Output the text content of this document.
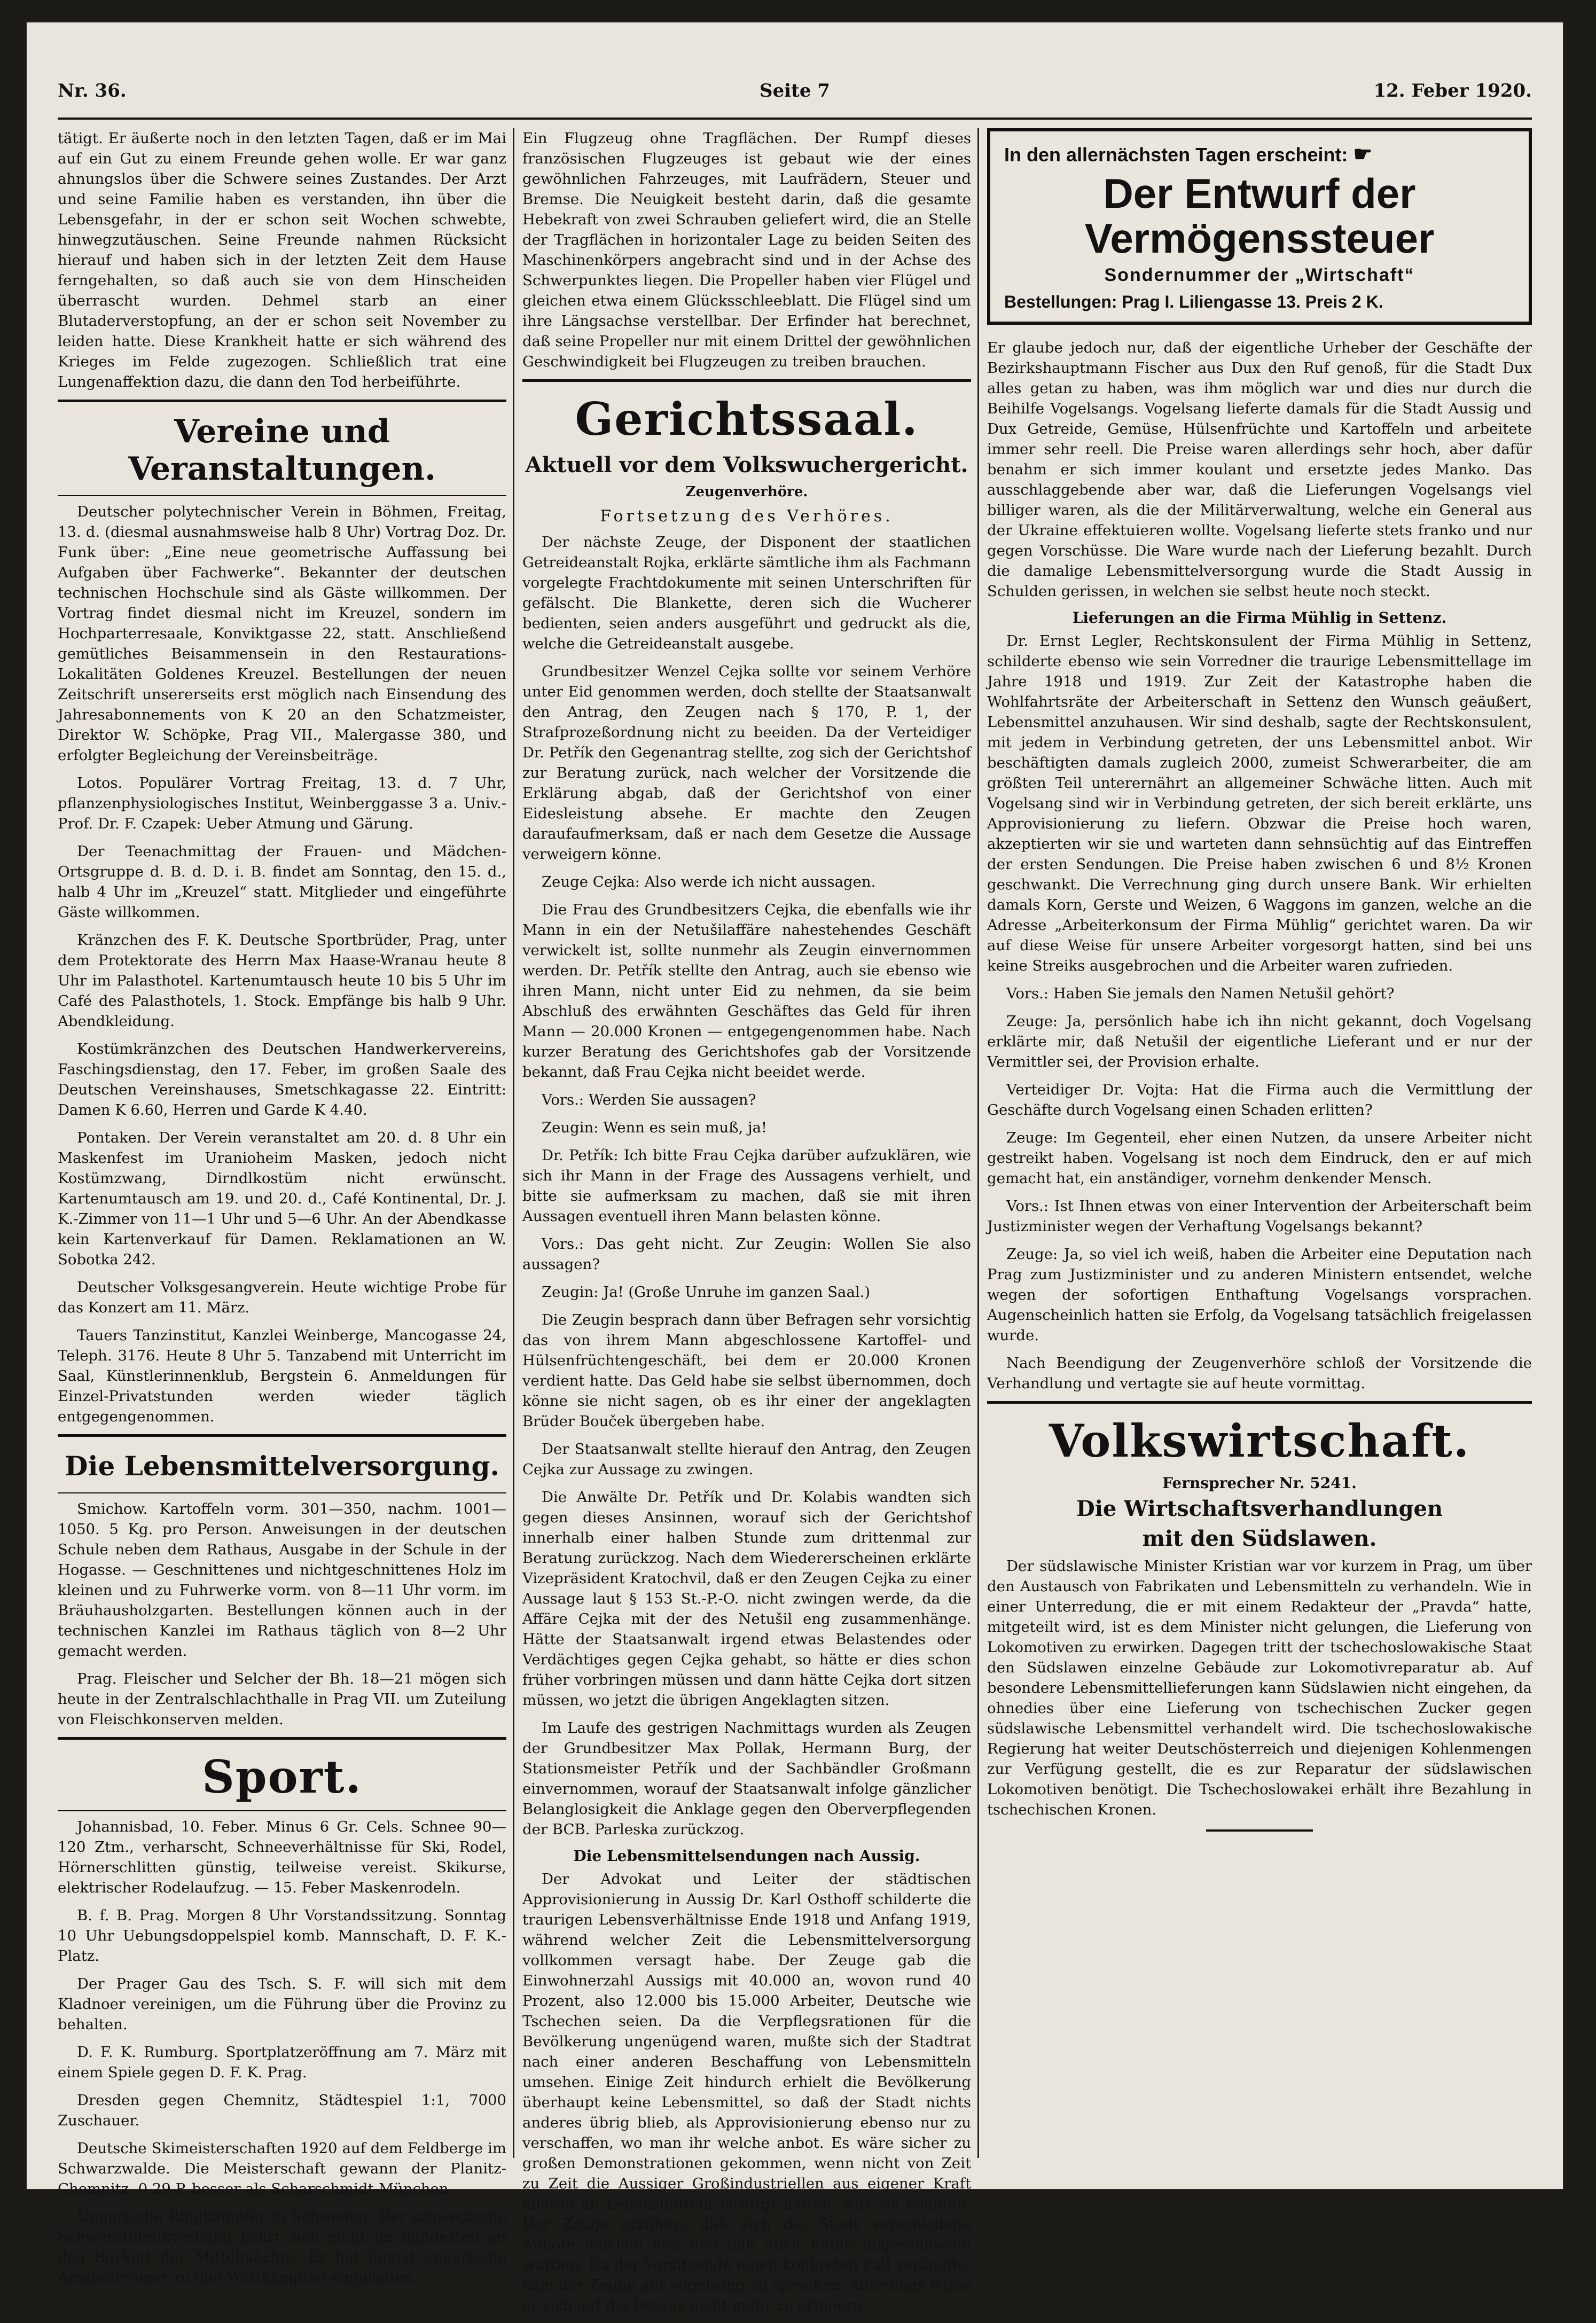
Nr. 36.	Seite 7	12. Feber 1920.

tätigt. Er äußerte noch in den letzten Tagen, daß er im Mai auf ein Gut zu einem Freunde gehen wolle. Er war ganz ahnungslos über die Schwere seines Zustandes. Der Arzt und seine Familie haben es verstanden, ihn über die Lebensgefahr, in der er schon seit Wochen schwebte, hinwegzutäuschen. Seine Freunde nahmen Rücksicht hierauf und haben sich in der letzten Zeit dem Hause ferngehalten, so daß auch sie von dem Hinscheiden überrascht wurden. Dehmel starb an einer Blutaderverstopfung, an der er schon seit November zu leiden hatte. Diese Krankheit hatte er sich während des Krieges im Felde zugezogen. Schließlich trat eine Lungenaffektion dazu, die dann den Tod herbeiführte.

Vereine und Veranstaltungen.

Deutscher polytechnischer Verein in Böhmen, Freitag, 13. d. (diesmal ausnahmsweise halb 8 Uhr) Vortrag Doz. Dr. Funk über: „Eine neue geometrische Auffassung bei Aufgaben über Fachwerke“. Bekannter der deutschen technischen Hochschule sind als Gäste willkommen. Der Vortrag findet diesmal nicht im Kreuzel, sondern im Hochparterresaale, Konviktgasse 22, statt. Anschließend gemütliches Beisammensein in den Restaurations-Lokalitäten Goldenes Kreuzel. Bestellungen der neuen Zeitschrift unsererseits erst möglich nach Einsendung des Jahresabonnements von K 20 an den Schatzmeister, Direktor W. Schöpke, Prag VII., Malergasse 380, und erfolgter Begleichung der Vereinsbeiträge.

Lotos. Populärer Vortrag Freitag, 13. d. 7 Uhr, pflanzenphysiologisches Institut, Weinberggasse 3 a. Univ.-Prof. Dr. F. Czapek: Ueber Atmung und Gärung.

Der Teenachmittag der Frauen- und Mädchen-Ortsgruppe d. B. d. D. i. B. findet am Sonntag, den 15. d., halb 4 Uhr im „Kreuzel“ statt. Mitglieder und eingeführte Gäste willkommen.

Kränzchen des F. K. Deutsche Sportbrüder, Prag, unter dem Protektorate des Herrn Max Haase-Wranau heute 8 Uhr im Palasthotel. Kartenumtausch heute 10 bis 5 Uhr im Café des Palasthotels, 1. Stock. Empfänge bis halb 9 Uhr. Abendkleidung.

Kostümkränzchen des Deutschen Handwerkervereins, Faschingsdienstag, den 17. Feber, im großen Saale des Deutschen Vereinshauses, Smetschkagasse 22. Eintritt: Damen K 6.60, Herren und Garde K 4.40.

Pontaken. Der Verein veranstaltet am 20. d. 8 Uhr ein Maskenfest im Uranioheim Masken, jedoch nicht Kostümzwang, Dirndlkostüm nicht erwünscht. Kartenumtausch am 19. und 20. d., Café Kontinental, Dr. J. K.-Zimmer von 11—1 Uhr und 5—6 Uhr. An der Abendkasse kein Kartenverkauf für Damen. Reklamationen an W. Sobotka 242.

Deutscher Volksgesangverein. Heute wichtige Probe für das Konzert am 11. März.

Tauers Tanzinstitut, Kanzlei Weinberge, Mancogasse 24, Teleph. 3176. Heute 8 Uhr 5. Tanzabend mit Unterricht im Saal, Künstlerinnenklub, Bergstein 6. Anmeldungen für Einzel-Privatstunden werden wieder täglich entgegengenommen.

Die Lebensmittelversorgung.

Smichow. Kartoffeln vorm. 301—350, nachm. 1001—1050. 5 Kg. pro Person. Anweisungen in der deutschen Schule neben dem Rathaus, Ausgabe in der Schule in der Hogasse. — Geschnittenes und nichtgeschnittenes Holz im kleinen und zu Fuhrwerke vorm. von 8—11 Uhr vorm. im Bräuhausholzgarten. Bestellungen können auch in der technischen Kanzlei im Rathaus täglich von 8—2 Uhr gemacht werden.

Prag. Fleischer und Selcher der Bh. 18—21 mögen sich heute in der Zentralschlachthalle in Prag VII. um Zuteilung von Fleischkonserven melden.

Sport.

Johannisbad, 10. Feber. Minus 6 Gr. Cels. Schnee 90—120 Ztm., verharscht, Schneeverhältnisse für Ski, Rodel, Hörnerschlitten günstig, teilweise vereist. Skikurse, elektrischer Rodelaufzug. — 15. Feber Maskenrodeln.

B. f. B. Prag. Morgen 8 Uhr Vorstandssitzung. Sonntag 10 Uhr Uebungsdoppelspiel komb. Mannschaft, D. F. K.-Platz.

Der Prager Gau des Tsch. S. F. will sich mit dem Kladnoer vereinigen, um die Führung über die Provinz zu behalten.

D. F. K. Rumburg. Sportplatzeröffnung am 7. März mit einem Spiele gegen D. F. K. Prag.

Dresden gegen Chemnitz, Städtespiel 1:1, 7000 Zuschauer.

Deutsche Skimeisterschaften 1920 auf dem Feldberge im Schwarzwalde. Die Meisterschaft gewann der Planitz-Chemnitz, 0.29 P. besser als Scharschmidt-München.

Ungarische Ringkämpfer in Schweden. Der schwedische Schwerathletikverband kehrt sich nicht im mindesten an den Boykott der Mittelmächte. Er hat jüngst ungarische Amateurringer zu den Wettkämpfen eingeladen.

Ein Flugzeug ohne Tragflächen. Der Rumpf dieses französischen Flugzeuges ist gebaut wie der eines gewöhnlichen Fahrzeuges, mit Laufrädern, Steuer und Bremse. Die Neuigkeit besteht darin, daß die gesamte Hebekraft von zwei Schrauben geliefert wird, die an Stelle der Tragflächen in horizontaler Lage zu beiden Seiten des Maschinenkörpers angebracht sind und in der Achse des Schwerpunktes liegen. Die Propeller haben vier Flügel und gleichen etwa einem Glücksschleeblatt. Die Flügel sind um ihre Längsachse verstellbar. Der Erfinder hat berechnet, daß seine Propeller nur mit einem Drittel der gewöhnlichen Geschwindigkeit bei Flugzeugen zu treiben brauchen.

Gerichtssaal.
Aktuell vor dem Volkswuchergericht.
Zeugenverhöre.
Fortsetzung des Verhöres.

Der nächste Zeuge, der Disponent der staatlichen Getreideanstalt Rojka, erklärte sämtliche ihm als Fachmann vorgelegte Frachtdokumente mit seinen Unterschriften für gefälscht. Die Blankette, deren sich die Wucherer bedienten, seien anders ausgeführt und gedruckt als die, welche die Getreideanstalt ausgebe.

Grundbesitzer Wenzel Cejka sollte vor seinem Verhöre unter Eid genommen werden, doch stellte der Staatsanwalt den Antrag, den Zeugen nach § 170, P. 1, der Strafprozeßordnung nicht zu beeiden. Da der Verteidiger Dr. Petřík den Gegenantrag stellte, zog sich der Gerichtshof zur Beratung zurück, nach welcher der Vorsitzende die Erklärung abgab, daß der Gerichtshof von einer Eidesleistung absehe. Er machte den Zeugen daraufaufmerksam, daß er nach dem Gesetze die Aussage verweigern könne.

Zeuge Cejka: Also werde ich nicht aussagen.

Die Frau des Grundbesitzers Cejka, die ebenfalls wie ihr Mann in ein der Netušilaffäre nahestehendes Geschäft verwickelt ist, sollte nunmehr als Zeugin einvernommen werden. Dr. Petřík stellte den Antrag, auch sie ebenso wie ihren Mann, nicht unter Eid zu nehmen, da sie beim Abschluß des erwähnten Geschäftes das Geld für ihren Mann — 20.000 Kronen — entgegengenommen habe. Nach kurzer Beratung des Gerichtshofes gab der Vorsitzende bekannt, daß Frau Cejka nicht beeidet werde.

Vors.: Werden Sie aussagen?

Zeugin: Wenn es sein muß, ja!

Dr. Petřík: Ich bitte Frau Cejka darüber aufzuklären, wie sich ihr Mann in der Frage des Aussagens verhielt, und bitte sie aufmerksam zu machen, daß sie mit ihren Aussagen eventuell ihren Mann belasten könne.

Vors.: Das geht nicht. Zur Zeugin: Wollen Sie also aussagen?

Zeugin: Ja! (Große Unruhe im ganzen Saal.)

Die Zeugin besprach dann über Befragen sehr vorsichtig das von ihrem Mann abgeschlossene Kartoffel- und Hülsenfrüchtengeschäft, bei dem er 20.000 Kronen verdient hatte. Das Geld habe sie selbst übernommen, doch könne sie nicht sagen, ob es ihr einer der angeklagten Brüder Bouček übergeben habe.

Der Staatsanwalt stellte hierauf den Antrag, den Zeugen Cejka zur Aussage zu zwingen.

Die Anwälte Dr. Petřík und Dr. Kolabis wandten sich gegen dieses Ansinnen, worauf sich der Gerichtshof innerhalb einer halben Stunde zum drittenmal zur Beratung zurückzog. Nach dem Wiedererscheinen erklärte Vizepräsident Kratochvil, daß er den Zeugen Cejka zu einer Aussage laut § 153 St.-P.-O. nicht zwingen werde, da die Affäre Cejka mit der des Netušil eng zusammenhänge. Hätte der Staatsanwalt irgend etwas Belastendes oder Verdächtiges gegen Cejka gehabt, so hätte er dies schon früher vorbringen müssen und dann hätte Cejka dort sitzen müssen, wo jetzt die übrigen Angeklagten sitzen.

Im Laufe des gestrigen Nachmittags wurden als Zeugen der Grundbesitzer Max Pollak, Hermann Burg, der Stationsmeister Petřík und der Sachbändler Großmann einvernommen, worauf der Staatsanwalt infolge gänzlicher Belanglosigkeit die Anklage gegen den Oberverpflegenden der BCB. Parleska zurückzog.

Die Lebensmittelsendungen nach Aussig.

Der Advokat und Leiter der städtischen Approvisionierung in Aussig Dr. Karl Osthoff schilderte die traurigen Lebensverhältnisse Ende 1918 und Anfang 1919, während welcher Zeit die Lebensmittelversorgung vollkommen versagt habe. Der Zeuge gab die Einwohnerzahl Aussigs mit 40.000 an, wovon rund 40 Prozent, also 12.000 bis 15.000 Arbeiter, Deutsche wie Tschechen seien. Da die Verpflegsrationen für die Bevölkerung ungenügend waren, mußte sich der Stadtrat nach einer anderen Beschaffung von Lebensmitteln umsehen. Einige Zeit hindurch erhielt die Bevölkerung überhaupt keine Lebensmittel, so daß der Stadt nichts anderes übrig blieb, als Approvisionierung ebenso nur zu verschaffen, wo man ihr welche anbot. Es wäre sicher zu großen Demonstrationen gekommen, wenn nicht von Zeit zu Zeit die Aussiger Großindustriellen aus eigener Kraft allerlei an Lebensmitteln besorgt hätten, was sie konnten. Der Zeuge erzählte, daß sich die Stadt verschiedene Anbote machen ließ und daß auch Käufe abgeschlossen wurden. Da der Vorsitzende einen konkreten Fall verlangte, kam der Zeuge auf Vogelsang zu sprechen, allerdings wisse er sich auf die Details nicht mehr zu erinnern.

In den allernächsten Tagen erscheint: ☛
Der Entwurf der
Vermögenssteuer
Sondernummer der „Wirtschaft“
Bestellungen: Prag I. Liliengasse 13. Preis 2 K.

Er glaube jedoch nur, daß der eigentliche Urheber der Geschäfte der Bezirkshauptmann Fischer aus Dux den Ruf genoß, für die Stadt Dux alles getan zu haben, was ihm möglich war und dies nur durch die Beihilfe Vogelsangs. Vogelsang lieferte damals für die Stadt Aussig und Dux Getreide, Gemüse, Hülsenfrüchte und Kartoffeln und arbeitete immer sehr reell. Die Preise waren allerdings sehr hoch, aber dafür benahm er sich immer koulant und ersetzte jedes Manko. Das ausschlaggebende aber war, daß die Lieferungen Vogelsangs viel billiger waren, als die der Militärverwaltung, welche ein General aus der Ukraine effektuieren wollte. Vogelsang lieferte stets franko und nur gegen Vorschüsse. Die Ware wurde nach der Lieferung bezahlt. Durch die damalige Lebensmittelversorgung wurde die Stadt Aussig in Schulden gerissen, in welchen sie selbst heute noch steckt.

Lieferungen an die Firma Mühlig in Settenz.

Dr. Ernst Legler, Rechtskonsulent der Firma Mühlig in Settenz, schilderte ebenso wie sein Vorredner die traurige Lebensmittellage im Jahre 1918 und 1919. Zur Zeit der Katastrophe haben die Wohlfahrtsräte der Arbeiterschaft in Settenz den Wunsch geäußert, Lebensmittel anzuhausen. Wir sind deshalb, sagte der Rechtskonsulent, mit jedem in Verbindung getreten, der uns Lebensmittel anbot. Wir beschäftigten damals zugleich 2000, zumeist Schwerarbeiter, die am größten Teil unterernährt an allgemeiner Schwäche litten. Auch mit Vogelsang sind wir in Verbindung getreten, der sich bereit erklärte, uns Approvisionierung zu liefern. Obzwar die Preise hoch waren, akzeptierten wir sie und warteten dann sehnsüchtig auf das Eintreffen der ersten Sendungen. Die Preise haben zwischen 6 und 8½ Kronen geschwankt. Die Verrechnung ging durch unsere Bank. Wir erhielten damals Korn, Gerste und Weizen, 6 Waggons im ganzen, welche an die Adresse „Arbeiterkonsum der Firma Mühlig“ gerichtet waren. Da wir auf diese Weise für unsere Arbeiter vorgesorgt hatten, sind bei uns keine Streiks ausgebrochen und die Arbeiter waren zufrieden.

Vors.: Haben Sie jemals den Namen Netušil gehört?

Zeuge: Ja, persönlich habe ich ihn nicht gekannt, doch Vogelsang erklärte mir, daß Netušil der eigentliche Lieferant und er nur der Vermittler sei, der Provision erhalte.

Verteidiger Dr. Vojta: Hat die Firma auch die Vermittlung der Geschäfte durch Vogelsang einen Schaden erlitten?

Zeuge: Im Gegenteil, eher einen Nutzen, da unsere Arbeiter nicht gestreikt haben. Vogelsang ist noch dem Eindruck, den er auf mich gemacht hat, ein anständiger, vornehm denkender Mensch.

Vors.: Ist Ihnen etwas von einer Intervention der Arbeiterschaft beim Justizminister wegen der Verhaftung Vogelsangs bekannt?

Zeuge: Ja, so viel ich weiß, haben die Arbeiter eine Deputation nach Prag zum Justizminister und zu anderen Ministern entsendet, welche wegen der sofortigen Enthaftung Vogelsangs vorsprachen. Augenscheinlich hatten sie Erfolg, da Vogelsang tatsächlich freigelassen wurde.

Nach Beendigung der Zeugenverhöre schloß der Vorsitzende die Verhandlung und vertagte sie auf heute vormittag.

Volkswirtschaft.
Fernsprecher Nr. 5241.
Die Wirtschaftsverhandlungen
mit den Südslawen.

Der südslawische Minister Kristian war vor kurzem in Prag, um über den Austausch von Fabrikaten und Lebensmitteln zu verhandeln. Wie in einer Unterredung, die er mit einem Redakteur der „Pravda“ hatte, mitgeteilt wird, ist es dem Minister nicht gelungen, die Lieferung von Lokomotiven zu erwirken. Dagegen tritt der tschechoslowakische Staat den Südslawen einzelne Gebäude zur Lokomotivreparatur ab. Auf besondere Lebensmittellieferungen kann Südslawien nicht eingehen, da ohnedies über eine Lieferung von tschechischen Zucker gegen südslawische Lebensmittel verhandelt wird. Die tschechoslowakische Regierung hat weiter Deutschösterreich und diejenigen Kohlenmengen zur Verfügung gestellt, die es zur Reparatur der südslawischen Lokomotiven benötigt. Die Tschechoslowakei erhält ihre Bezahlung in tschechischen Kronen.
